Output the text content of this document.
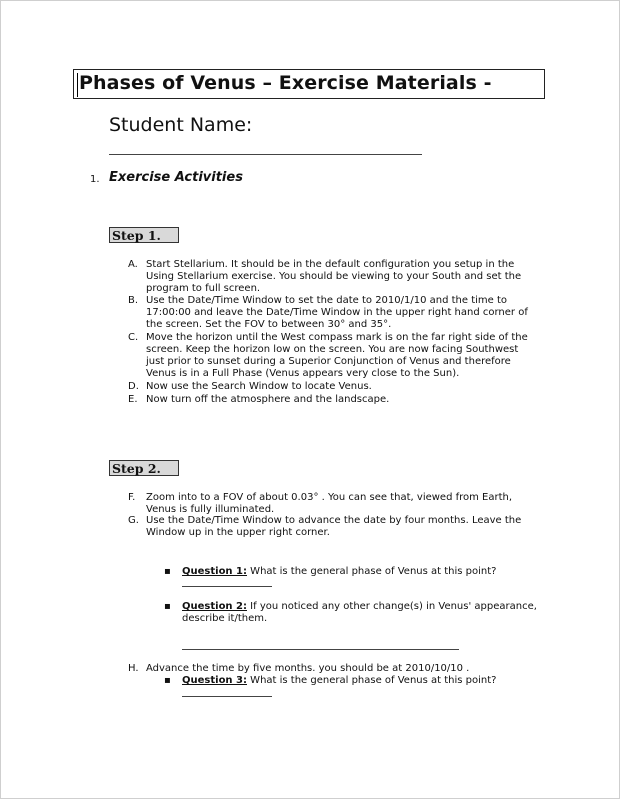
Phases of Venus – Exercise Materials -
Student Name:
1. Exercise Activities
Step 1.
A. Start Stellarium. It should be in the default configuration you setup in the
Using Stellarium exercise. You should be viewing to your South and set the
program to full screen.
B. Use the Date/Time Window to set the date to 2010/1/10 and the time to
17:00:00 and leave the Date/Time Window in the upper right hand corner of
the screen. Set the FOV to between 30° and 35°.
C. Move the horizon until the West compass mark is on the far right side of the
screen. Keep the horizon low on the screen. You are now facing Southwest
just prior to sunset during a Superior Conjunction of Venus and therefore
Venus is in a Full Phase (Venus appears very close to the Sun).
D. Now use the Search Window to locate Venus.
E. Now turn off the atmosphere and the landscape.
Step 2.
F. Zoom into to a FOV of about 0.03° . You can see that, viewed from Earth,
Venus is fully illuminated.
G. Use the Date/Time Window to advance the date by four months. Leave the
Window up in the upper right corner.
▪ Question 1: What is the general phase of Venus at this point?
▪ Question 2: If you noticed any other change(s) in Venus' appearance,
describe it/them.
H. Advance the time by five months. you should be at 2010/10/10 .
▪ Question 3: What is the general phase of Venus at this point?
